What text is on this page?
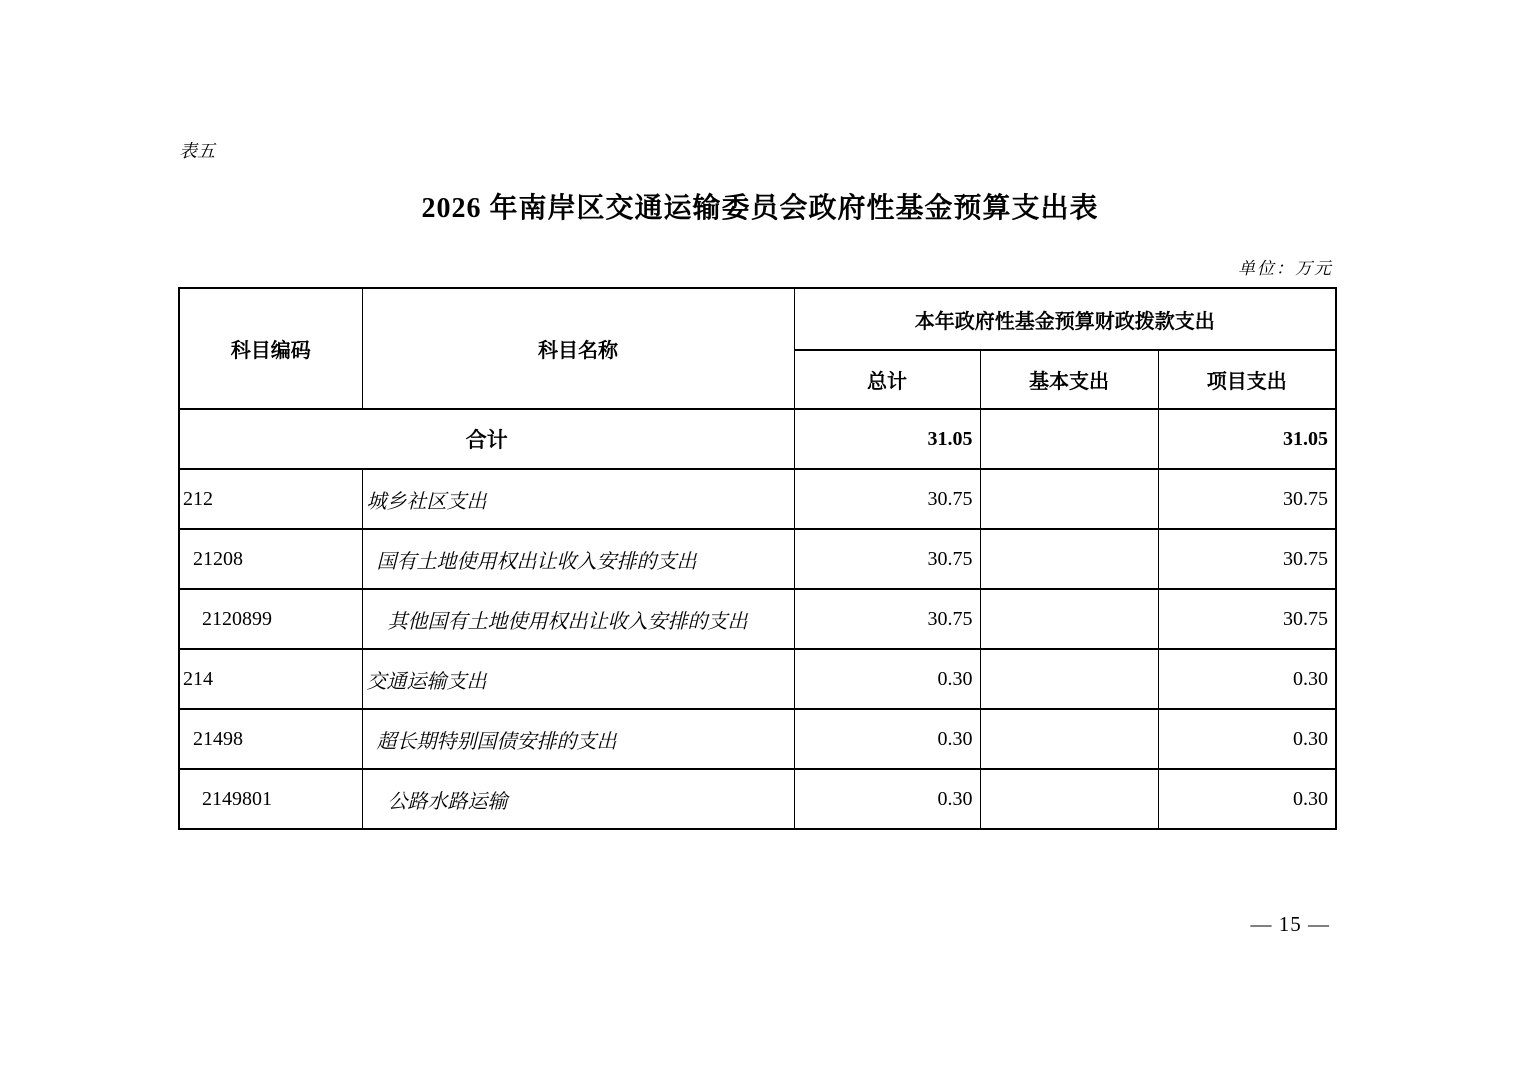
表五
2026 年南岸区交通运输委员会政府性基金预算支出表
单位：万元
科目编码	科目名称	本年政府性基金预算财政拨款支出		
		总计	基本支出	项目支出
合计		31.05		31.05
212	城乡社区支出	30.75		30.75
21208	国有土地使用权出让收入安排的支出	30.75		30.75
2120899	其他国有土地使用权出让收入安排的支出	30.75		30.75
214	交通运输支出	0.30		0.30
21498	超长期特别国债安排的支出	0.30		0.30
2149801	公路水路运输	0.30		0.30
— 15 —
